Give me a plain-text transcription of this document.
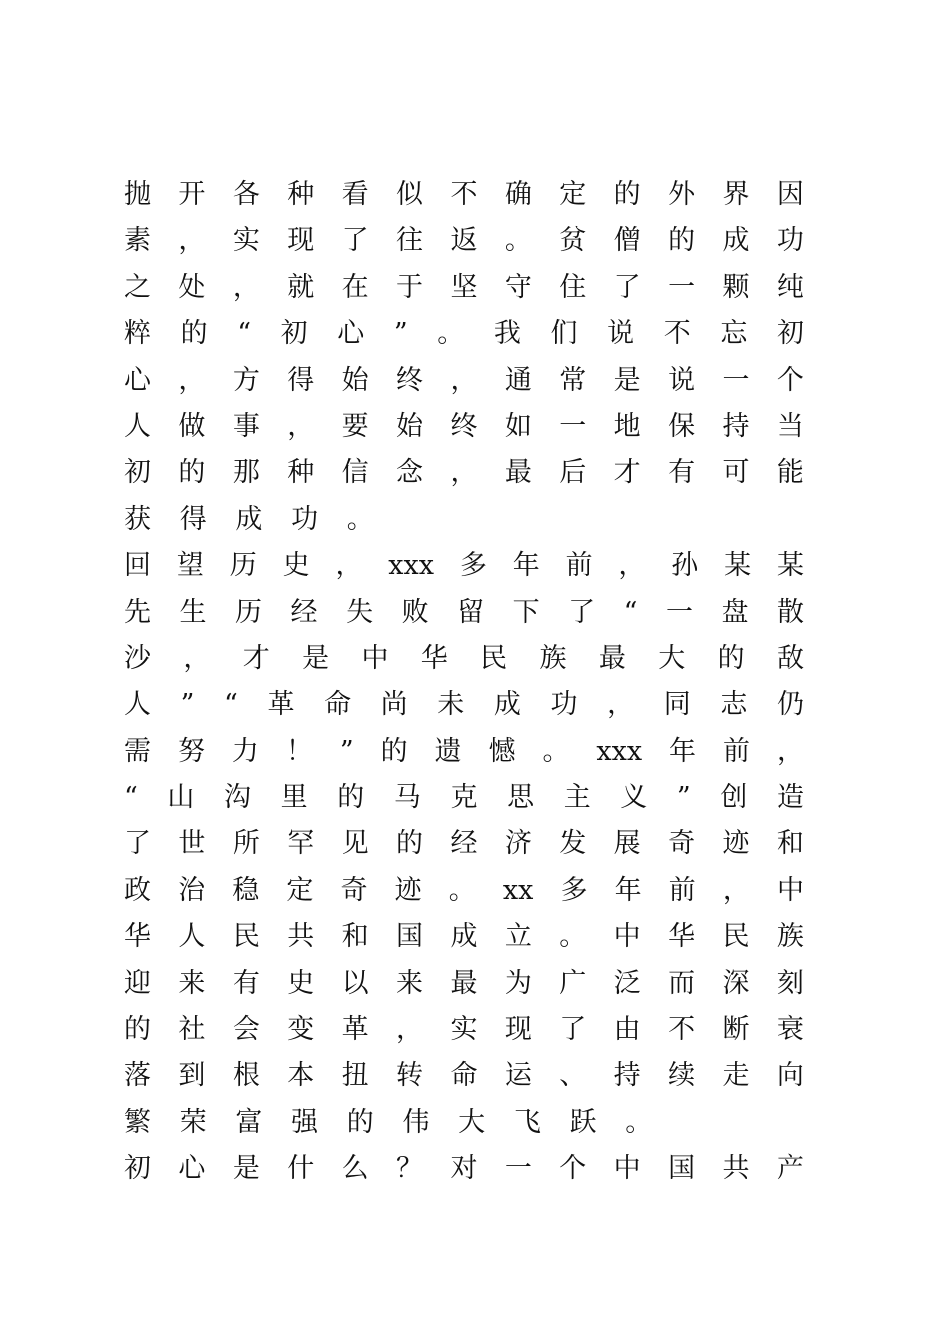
抛 开 各 种 看 似 不 确 定 的 外 界 因
素 ， 实 现 了 往 返 。 贫 僧 的 成 功
之 处 ， 就 在 于 坚 守 住 了 一 颗 纯
粹 的 “ 初 心 ” 。 我 们 说 不 忘 初
心 ， 方 得 始 终 ， 通 常 是 说 一 个
人 做 事 ， 要 始 终 如 一 地 保 持 当
初 的 那 种 信 念 ， 最 后 才 有 可 能
获 得 成 功 。
回 望 历 史 ， xxx 多 年 前 ， 孙 某 某
先 生 历 经 失 败 留 下 了 “ 一 盘 散
沙 ， 才 是 中 华 民 族 最 大 的 敌
人 ” “ 革 命 尚 未 成 功 ， 同 志 仍
需 努 力 ！ ” 的 遗 憾 。 xxx 年 前 ，
“ 山 沟 里 的 马 克 思 主 义 ” 创 造
了 世 所 罕 见 的 经 济 发 展 奇 迹 和
政 治 稳 定 奇 迹 。 xx 多 年 前 ， 中
华 人 民 共 和 国 成 立 。 中 华 民 族
迎 来 有 史 以 来 最 为 广 泛 而 深 刻
的 社 会 变 革 ， 实 现 了 由 不 断 衰
落 到 根 本 扭 转 命 运 、 持 续 走 向
繁 荣 富 强 的 伟 大 飞 跃 。
初 心 是 什 么 ？ 对 一 个 中 国 共 产
